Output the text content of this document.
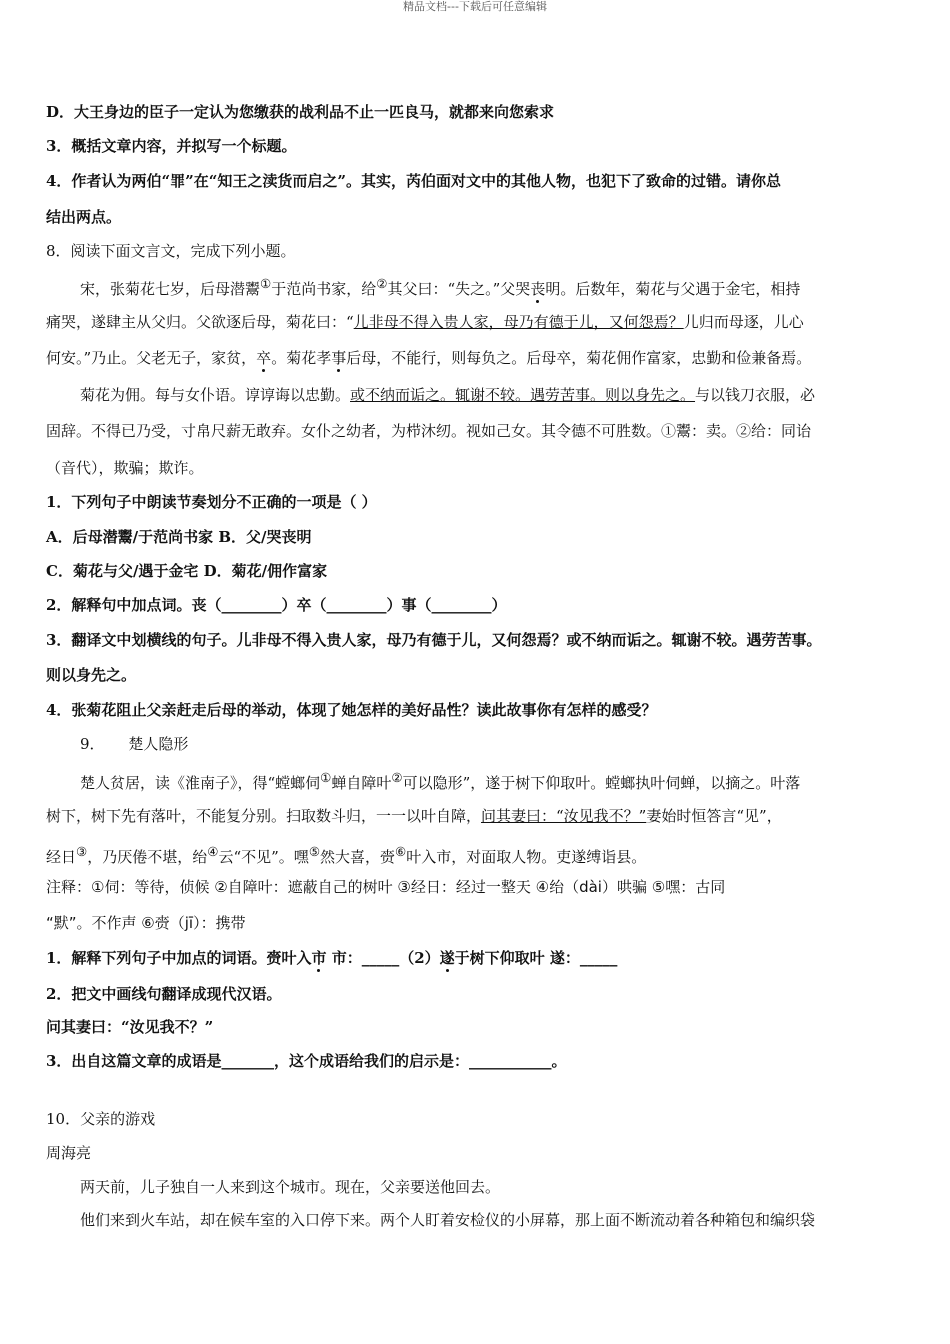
精品文档---下载后可任意编辑
D．大王身边的臣子一定认为您缴获的战利品不止一匹良马，就都来向您索求
3．概括文章内容，并拟写一个标题。
4．作者认为两伯“罪”在“知王之渎货而启之”。其实，芮伯面对文中的其他人物，也犯下了致命的过错。请你总
结出两点。
8．阅读下面文言文，完成下列小题。
宋，张菊花七岁，后母潜鬻①于范尚书家，给②其父曰：“失之。”父哭丧明。后数年，菊花与父遇于金宅，相持
痛哭，遂肆主从父归。父欲逐后母，菊花曰：“儿非母不得入贵人家，母乃有德于儿，又何怨焉？儿归而母逐，儿心
何安。”乃止。父老无子，家贫，卒。菊花孝事后母，不能行，则每负之。后母卒，菊花佣作富家，忠勤和俭兼备焉。
菊花为佣。每与女仆语。谆谆诲以忠勤。或不纳而诟之。辄谢不较。遇劳苦事。则以身先之。与以钱刀衣服，必
固辞。不得已乃受，寸帛尺薪无敢弃。女仆之幼者，为栉沐纫。视如己女。其令德不可胜数。①鬻：卖。②给：同诒
（音代），欺骗；欺诈。
1．下列句子中朗读节奏划分不正确的一项是（ ）
A．后母潜鬻/于范尚书家 B．父/哭丧明
C．菊花与父/遇于金宅 D．菊花/佣作富家
2．解释句中加点词。丧（________）卒（________）事（________）
3．翻译文中划横线的句子。儿非母不得入贵人家，母乃有德于儿，又何怨焉？或不纳而诟之。辄谢不较。遇劳苦事。
则以身先之。
4．张菊花阻止父亲赶走后母的举动，体现了她怎样的美好品性？读此故事你有怎样的感受？
9． 楚人隐形
楚人贫居，读《淮南子》，得“螳螂伺①蝉自障叶②可以隐形”，遂于树下仰取叶。螳螂执叶伺蝉，以摘之。叶落
树下，树下先有落叶，不能复分别。扫取数斗归，一一以叶自障，问其妻曰：“汝见我不？”妻始时恒答言“见”，
经日③，乃厌倦不堪，绐④云“不见”。嘿⑤然大喜，赍⑥叶入市，对面取人物。吏遂缚诣县。
注释：①伺：等待，侦候 ②自障叶：遮蔽自己的树叶 ③经日：经过一整天 ④绐（dài）哄骗 ⑤嘿：古同
“默”。不作声 ⑥赍（jī）：携带
1．解释下列句子中加点的词语。赍叶入市 市：_____（2）遂于树下仰取叶 遂：_____
2．把文中画线句翻译成现代汉语。
问其妻曰：“汝见我不？”
3．出自这篇文章的成语是_______，这个成语给我们的启示是：___________。
10．父亲的游戏
周海亮
两天前，儿子独自一人来到这个城市。现在，父亲要送他回去。
他们来到火车站，却在候车室的入口停下来。两个人盯着安检仪的小屏幕，那上面不断流动着各种箱包和编织袋
